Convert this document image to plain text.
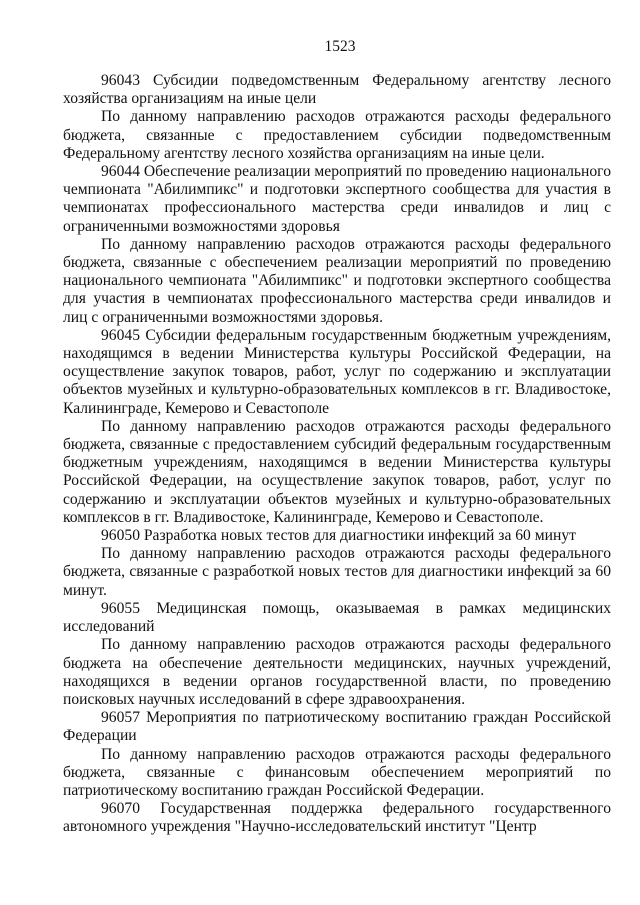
1523

96043 Субсидии подведомственным Федеральному агентству лесного хозяйства организациям на иные цели

По данному направлению расходов отражаются расходы федерального бюджета, связанные с предоставлением субсидии подведомственным Федеральному агентству лесного хозяйства организациям на иные цели.

96044 Обеспечение реализации мероприятий по проведению национального чемпионата "Абилимпикс" и подготовки экспертного сообщества для участия в чемпионатах профессионального мастерства среди инвалидов и лиц с ограниченными возможностями здоровья

По данному направлению расходов отражаются расходы федерального бюджета, связанные с обеспечением реализации мероприятий по проведению национального чемпионата "Абилимпикс" и подготовки экспертного сообщества для участия в чемпионатах профессионального мастерства среди инвалидов и лиц с ограниченными возможностями здоровья.

96045 Субсидии федеральным государственным бюджетным учреждениям, находящимся в ведении Министерства культуры Российской Федерации, на осуществление закупок товаров, работ, услуг по содержанию и эксплуатации объектов музейных и культурно-образовательных комплексов в гг. Владивостоке, Калининграде, Кемерово и Севастополе

По данному направлению расходов отражаются расходы федерального бюджета, связанные с предоставлением субсидий федеральным государственным бюджетным учреждениям, находящимся в ведении Министерства культуры Российской Федерации, на осуществление закупок товаров, работ, услуг по содержанию и эксплуатации объектов музейных и культурно-образовательных комплексов в гг. Владивостоке, Калининграде, Кемерово и Севастополе.

96050 Разработка новых тестов для диагностики инфекций за 60 минут

По данному направлению расходов отражаются расходы федерального бюджета, связанные с разработкой новых тестов для диагностики инфекций за 60 минут.

96055 Медицинская помощь, оказываемая в рамках медицинских исследований

По данному направлению расходов отражаются расходы федерального бюджета на обеспечение деятельности медицинских, научных учреждений, находящихся в ведении органов государственной власти, по проведению поисковых научных исследований в сфере здравоохранения.

96057 Мероприятия по патриотическому воспитанию граждан Российской Федерации

По данному направлению расходов отражаются расходы федерального бюджета, связанные с финансовым обеспечением мероприятий по патриотическому воспитанию граждан Российской Федерации.

96070 Государственная поддержка федерального государственного автономного учреждения "Научно-исследовательский институт "Центр
